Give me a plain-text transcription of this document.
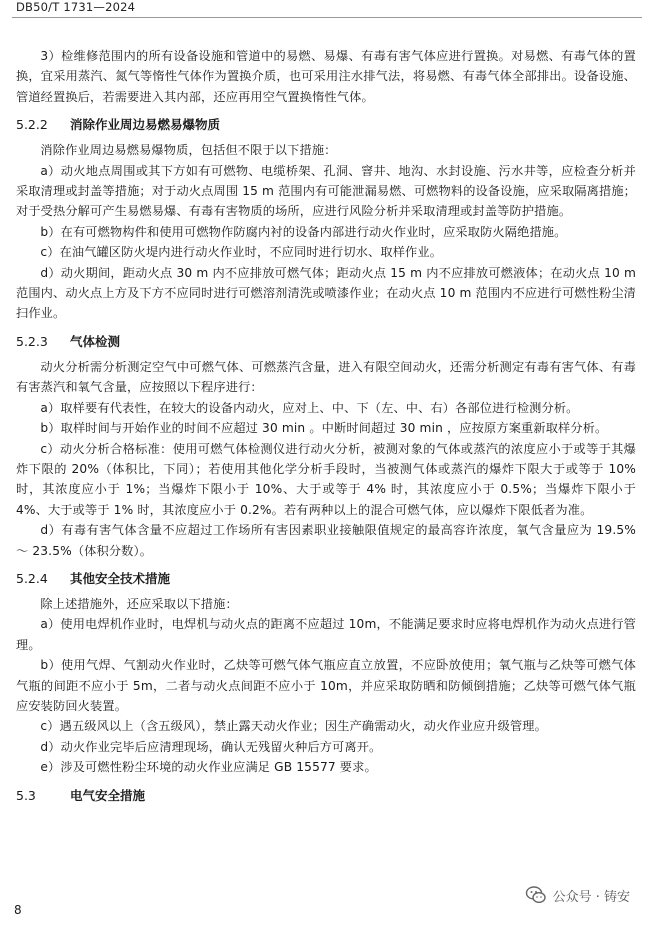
DB50/T 1731—2024

3）检维修范围内的所有设备设施和管道中的易燃、易爆、有毒有害气体应进行置换。对易燃、有毒气体的置换，宜采用蒸汽、氮气等惰性气体作为置换介质，也可采用注水排气法，将易燃、有毒气体全部排出。设备设施、管道经置换后，若需要进入其内部，还应再用空气置换惰性气体。

5.2.2 消除作业周边易燃易爆物质

消除作业周边易燃易爆物质，包括但不限于以下措施：

a）动火地点周围或其下方如有可燃物、电缆桥架、孔洞、窨井、地沟、水封设施、污水井等，应检查分析并采取清理或封盖等措施；对于动火点周围 15 m 范围内有可能泄漏易燃、可燃物料的设备设施，应采取隔离措施；对于受热分解可产生易燃易爆、有毒有害物质的场所，应进行风险分析并采取清理或封盖等防护措施。

b）在有可燃物构件和使用可燃物作防腐内衬的设备内部进行动火作业时，应采取防火隔绝措施。

c）在油气罐区防火堤内进行动火作业时，不应同时进行切水、取样作业。

d）动火期间，距动火点 30 m 内不应排放可燃气体；距动火点 15 m 内不应排放可燃液体；在动火点 10 m 范围内、动火点上方及下方不应同时进行可燃溶剂清洗或喷漆作业；在动火点 10 m 范围内不应进行可燃性粉尘清扫作业。

5.2.3 气体检测

动火分析需分析测定空气中可燃气体、可燃蒸汽含量，进入有限空间动火，还需分析测定有毒有害气体、有毒有害蒸汽和氧气含量，应按照以下程序进行：

a）取样要有代表性，在较大的设备内动火，应对上、中、下（左、中、右）各部位进行检测分析。

b）取样时间与开始作业的时间不应超过 30 min 。中断时间超过 30 min ，应按原方案重新取样分析。

c）动火分析合格标准：使用可燃气体检测仪进行动火分析，被测对象的气体或蒸汽的浓度应小于或等于其爆炸下限的 20%（体积比，下同）；若使用其他化学分析手段时，当被测气体或蒸汽的爆炸下限大于或等于 10% 时，其浓度应小于 1%；当爆炸下限小于 10%、大于或等于 4% 时，其浓度应小于 0.5%；当爆炸下限小于 4%、大于或等于 1% 时，其浓度应小于 0.2%。若有两种以上的混合可燃气体，应以爆炸下限低者为准。

d）有毒有害气体含量不应超过工作场所有害因素职业接触限值规定的最高容许浓度，氧气含量应为 19.5% ～ 23.5%（体积分数）。

5.2.4 其他安全技术措施

除上述措施外，还应采取以下措施：

a）使用电焊机作业时，电焊机与动火点的距离不应超过 10m，不能满足要求时应将电焊机作为动火点进行管理。

b）使用气焊、气割动火作业时，乙炔等可燃气体气瓶应直立放置，不应卧放使用；氧气瓶与乙炔等可燃气体气瓶的间距不应小于 5m，二者与动火点间距不应小于 10m，并应采取防晒和防倾倒措施；乙炔等可燃气体气瓶应安装防回火装置。

c）遇五级风以上（含五级风），禁止露天动火作业；因生产确需动火，动火作业应升级管理。

d）动火作业完毕后应清理现场，确认无残留火种后方可离开。

e）涉及可燃性粉尘环境的动火作业应满足 GB 15577 要求。

5.3	电气安全措施
8
公众号 · 铸安
